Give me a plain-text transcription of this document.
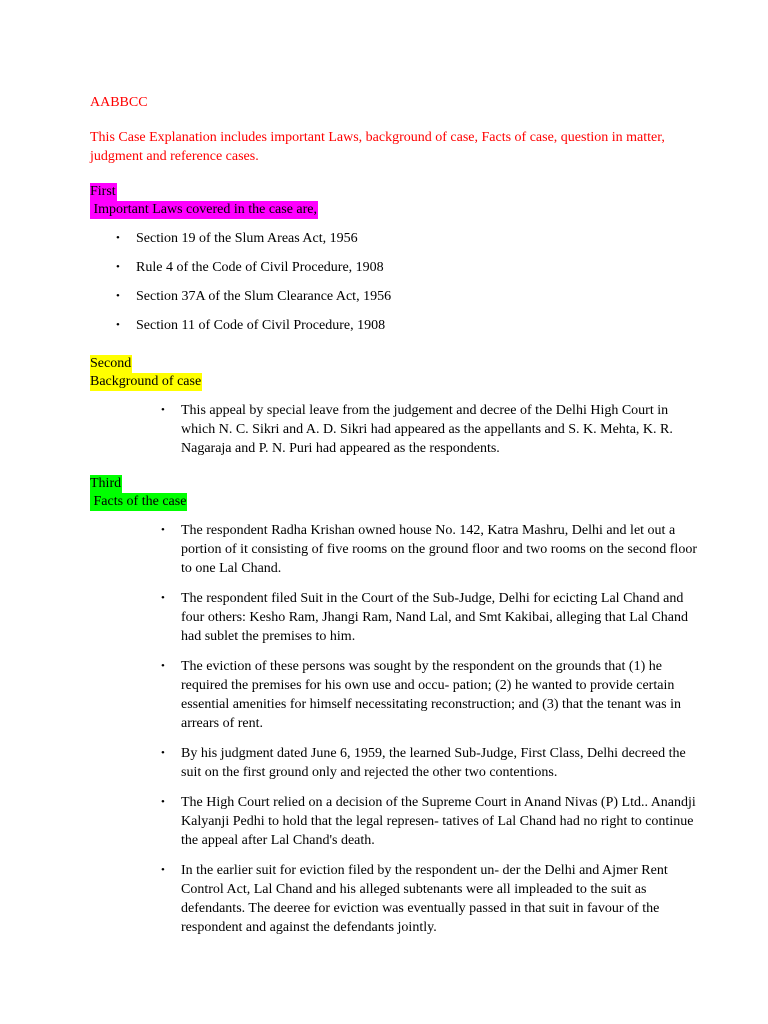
AABBCC
This Case Explanation includes important Laws, background of case, Facts of case, question in matter, judgment and reference cases.
First
Important Laws covered in the case are,
• Section 19 of the Slum Areas Act, 1956
• Rule 4 of the Code of Civil Procedure, 1908
• Section 37A of the Slum Clearance Act, 1956
• Section 11 of Code of Civil Procedure, 1908
Second
Background of case
• This appeal by special leave from the judgement and decree of the Delhi High Court in which N. C. Sikri and A. D. Sikri had appeared as the appellants and S. K. Mehta, K. R. Nagaraja and P. N. Puri had appeared as the respondents.
Third
Facts of the case
• The respondent Radha Krishan owned house No. 142, Katra Mashru, Delhi and let out a portion of it consisting of five rooms on the ground floor and two rooms on the second floor to one Lal Chand.
• The respondent filed Suit in the Court of the Sub-Judge, Delhi for ecicting Lal Chand and four others: Kesho Ram, Jhangi Ram, Nand Lal, and Smt Kakibai, alleging that Lal Chand had sublet the premises to him.
• The eviction of these persons was sought by the respondent on the grounds that (1) he required the premises for his own use and occu- pation; (2) he wanted to provide certain essential amenities for himself necessitating reconstruction; and (3) that the tenant was in arrears of rent.
• By his judgment dated June 6, 1959, the learned Sub-Judge, First Class, Delhi decreed the suit on the first ground only and rejected the other two contentions.
• The High Court relied on a decision of the Supreme Court in Anand Nivas (P) Ltd.. Anandji Kalyanji Pedhi to hold that the legal represen- tatives of Lal Chand had no right to continue the appeal after Lal Chand's death.
• In the earlier suit for eviction filed by the respondent un- der the Delhi and Ajmer Rent Control Act, Lal Chand and his alleged subtenants were all impleaded to the suit as defendants. The deeree for eviction was eventually passed in that suit in favour of the respondent and against the defendants jointly.
